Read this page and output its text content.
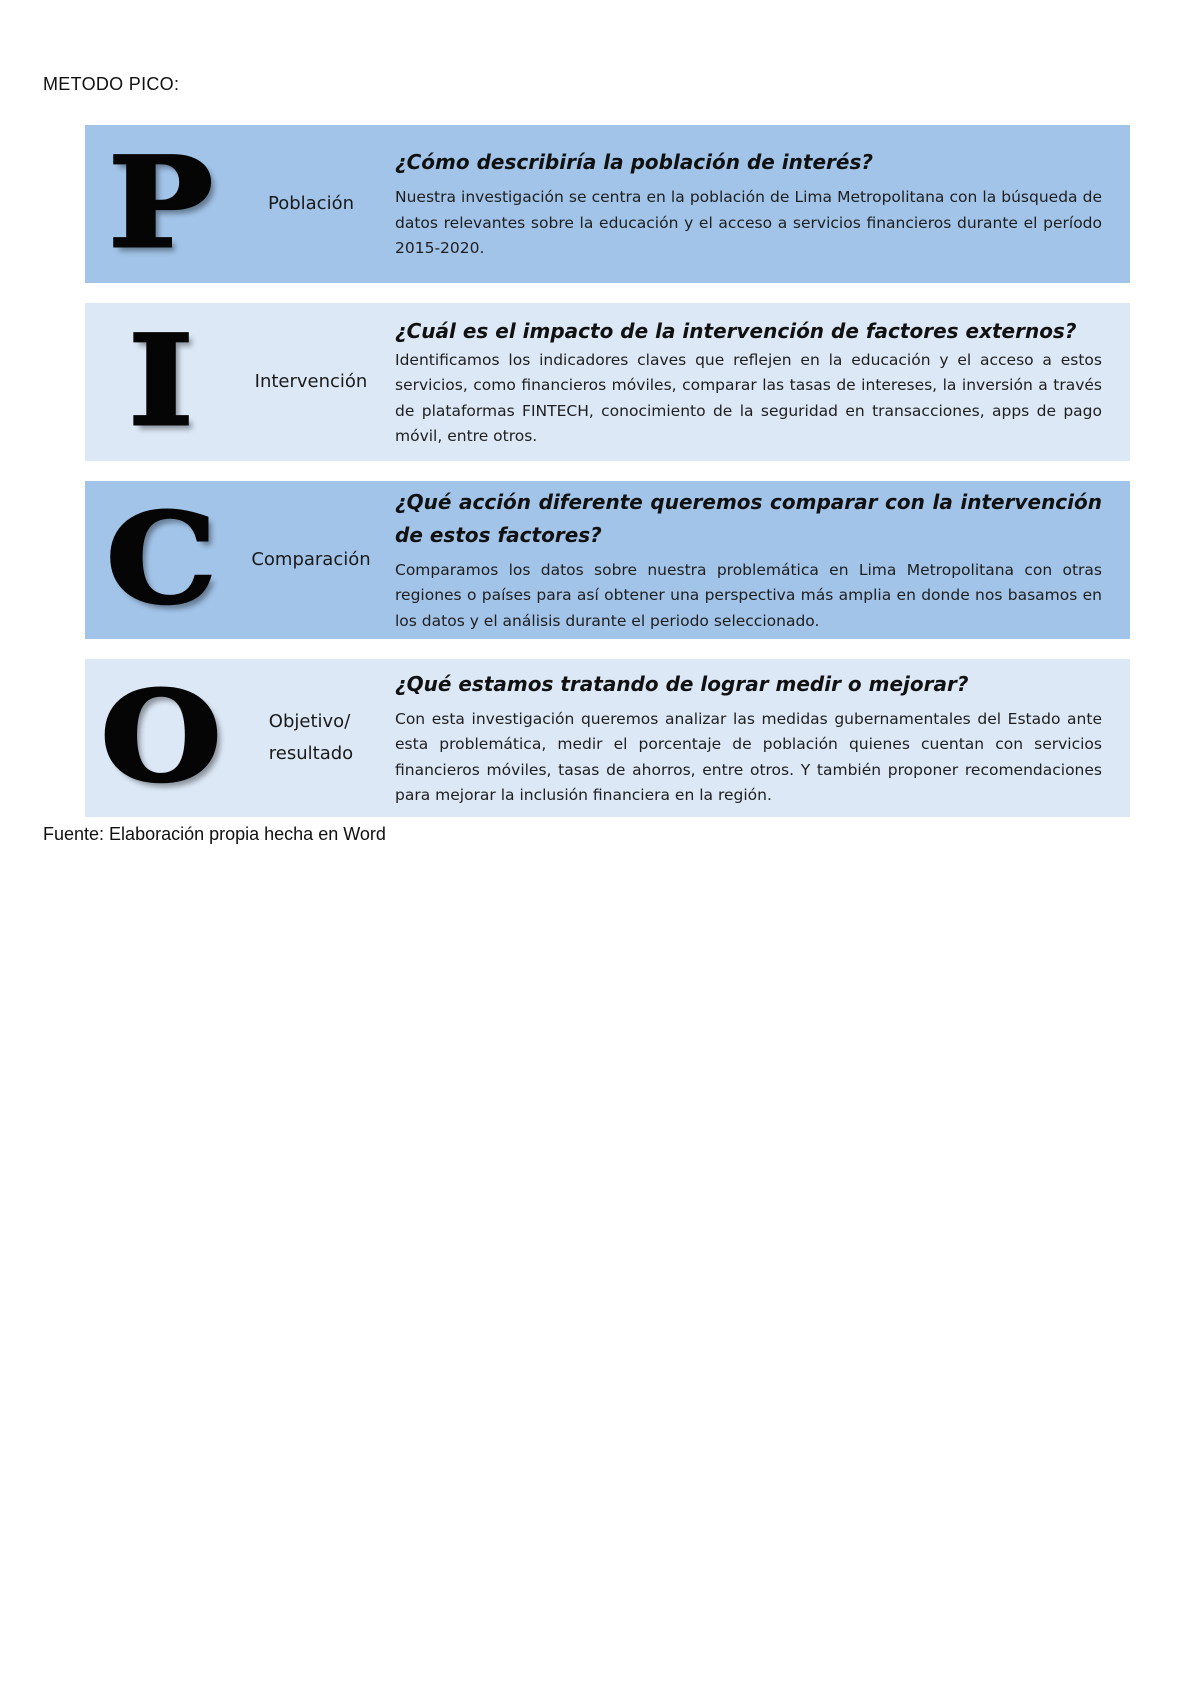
METODO PICO:
P	Población

¿Cómo describiría la población de interés?

Nuestra investigación se centra en la población de Lima Metropolitana con la búsqueda de datos relevantes sobre la educación y el acceso a servicios financieros durante el período 2015-2020.

I	Intervención

¿Cuál es el impacto de la intervención de factores externos?

Identificamos los indicadores claves que reflejen en la educación y el acceso a estos servicios, como financieros móviles, comparar las tasas de intereses, la inversión a través de plataformas FINTECH, conocimiento de la seguridad en transacciones, apps de pago móvil, entre otros.

C	Comparación

¿Qué acción diferente queremos comparar con la intervención de estos factores?

Comparamos los datos sobre nuestra problemática en Lima Metropolitana con otras regiones o países para así obtener una perspectiva más amplia en donde nos basamos en los datos y el análisis durante el periodo seleccionado.

O	Objetivo/
resultado

¿Qué estamos tratando de lograr medir o mejorar?

Con esta investigación queremos analizar las medidas gubernamentales del Estado ante esta problemática, medir el porcentaje de población quienes cuentan con servicios financieros móviles, tasas de ahorros, entre otros. Y también proponer recomendaciones para mejorar la inclusión financiera en la región.

Fuente: Elaboración propia hecha en Word
